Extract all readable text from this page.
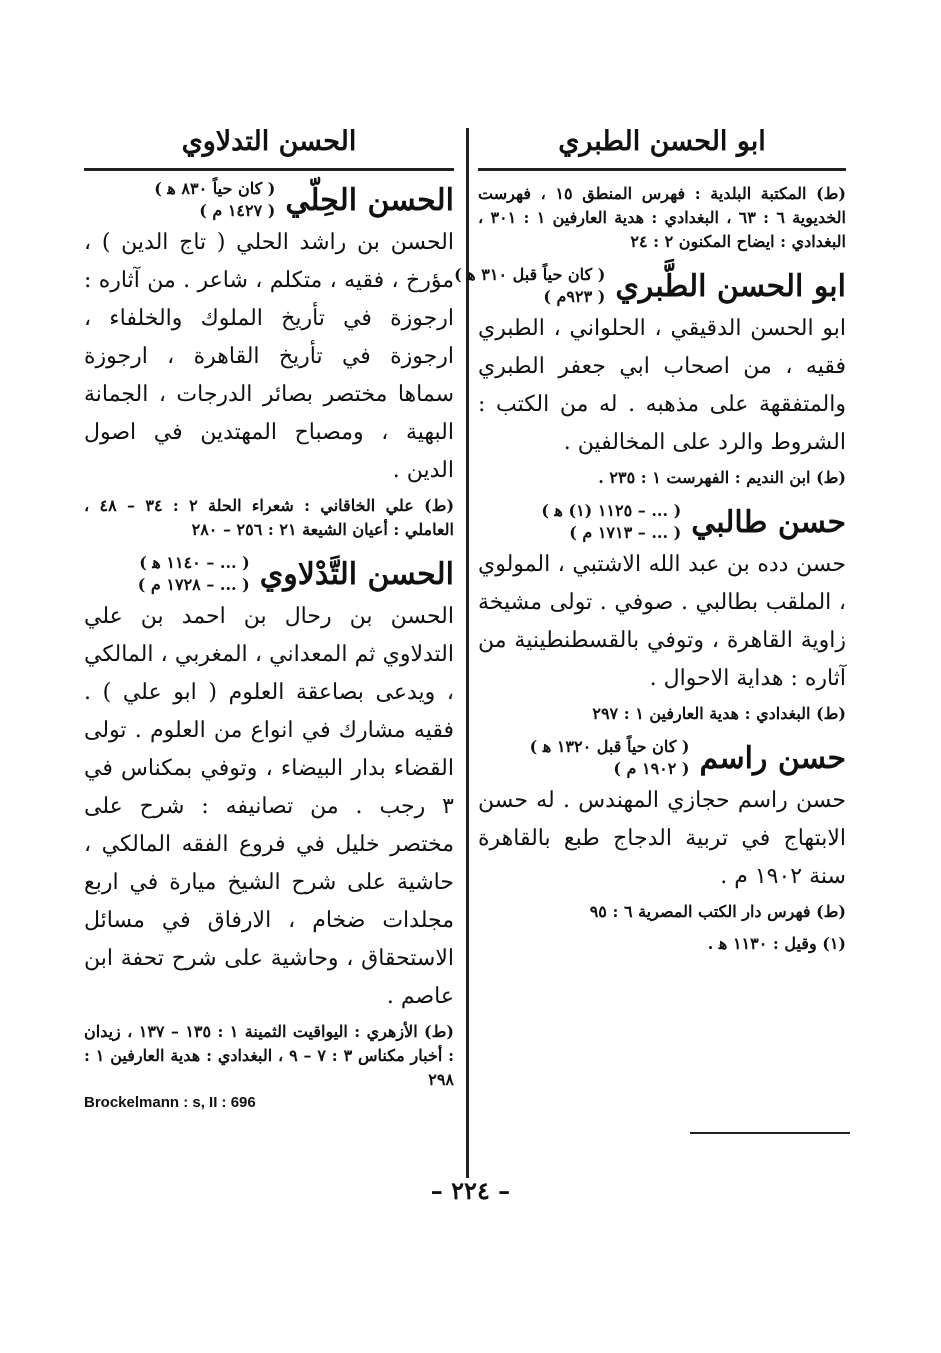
ابو الحسن الطبري
(ط) المكتبة البلدية : فهرس المنطق ١٥ ، فهرست الخديوية ٦ : ٦٣ ، البغدادي : هدية العارفين ١ : ٣٠١ ، البغدادي : ايضاح المكنون ٢ : ٢٤
ابو الحسن الطَّبري
( كان حياً قبل ٣١٠ ﻫ )
( ٩٢٣م )
ابو الحسن الدقيقي ، الحلواني ، الطبري فقيه ، من اصحاب ابي جعفر الطبري والمتفقهة على مذهبه . له من الكتب : الشروط والرد على المخالفين .
(ط) ابن النديم : الفهرست ١ : ٢٣٥ .
حسن طالبي
( ... – ١١٢٥ (١) ﻫ )
( ... – ١٧١٣ م )
حسن دده بن عبد الله الاشتبي ، المولوي ، الملقب بطالبي . صوفي . تولى مشيخة زاوية القاهرة ، وتوفي بالقسطنطينية من آثاره : هداية الاحوال .
(ط) البغدادي : هدية العارفين ١ : ٢٩٧
حسن راسم
( كان حياً قبل ١٣٢٠ ﻫ )
( ١٩٠٢ م )
حسن راسم حجازي المهندس . له حسن الابتهاج في تربية الدجاج طبع بالقاهرة سنة ١٩٠٢ م .
(ط) فهرس دار الكتب المصرية ٦ : ٩٥
(١) وقيل : ١١٣٠ ﻫ .
الحسن التدلاوي
الحسن الحِلّي
( كان حياً ٨٣٠ ﻫ )
( ١٤٢٧ م )
الحسن بن راشد الحلي ( تاج الدين ) ، مؤرخ ، فقيه ، متكلم ، شاعر . من آثاره : ارجوزة في تأريخ الملوك والخلفاء ، ارجوزة في تأريخ القاهرة ، ارجوزة سماها مختصر بصائر الدرجات ، الجمانة البهية ، ومصباح المهتدين في اصول الدين .
(ط) علي الخاقاني : شعراء الحلة ٢ : ٣٤ – ٤٨ ، العاملي : أعيان الشيعة ٢١ : ٢٥٦ – ٢٨٠
الحسن التَّدْلاوي
( ... – ١١٤٠ ﻫ )
( ... – ١٧٢٨ م )
الحسن بن رحال بن احمد بن علي التدلاوي ثم المعداني ، المغربي ، المالكي ، ويدعى بصاعقة العلوم ( ابو علي ) . فقيه مشارك في انواع من العلوم . تولى القضاء بدار البيضاء ، وتوفي بمكناس في ٣ رجب . من تصانيفه : شرح على مختصر خليل في فروع الفقه المالكي ، حاشية على شرح الشيخ ميارة في اربع مجلدات ضخام ، الارفاق في مسائل الاستحقاق ، وحاشية على شرح تحفة ابن عاصم .
(ط) الأزهري : اليواقيت الثمينة ١ : ١٣٥ – ١٣٧ ، زيدان : أخبار مكناس ٣ : ٧ – ٩ ، البغدادي : هدية العارفين ١ : ٢٩٨
Brockelmann : s, II : 696
– ٢٢٤ –
